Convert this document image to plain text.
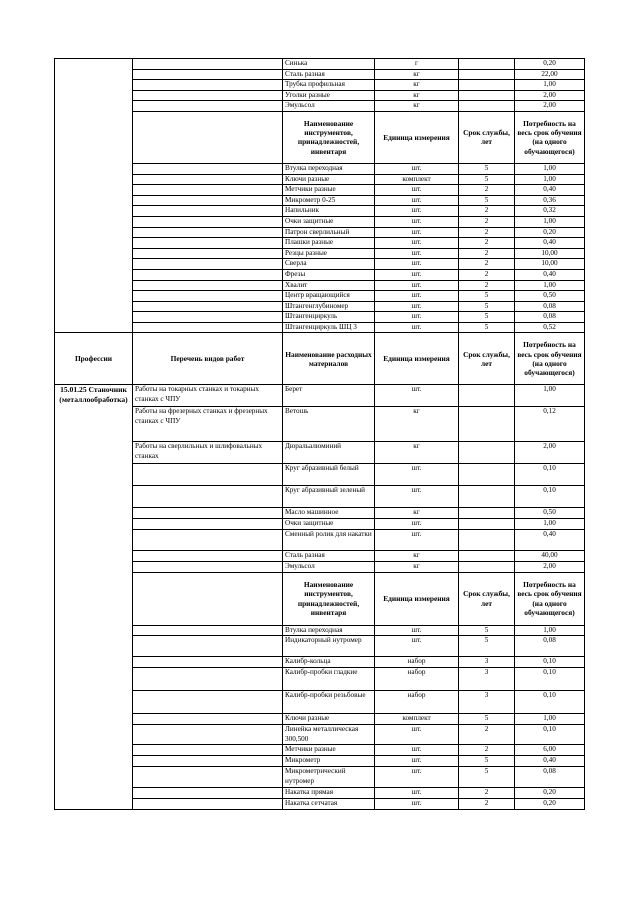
		Синька	г		0,20
		Сталь разная	кг		22,00
		Трубка профильная	кг		1,00
		Уголки разные	кг		2,00
		Эмульсол	кг		2,00
		Наименование инструментов, принадлежностей, инвентаря	Единица измерения	Срок службы, лет	Потребность на весь срок обучения (на одного обучающегося)
		Втулка переходная	шт.	5	1,00
		Ключи разные	комплект	5	1,00
		Метчики разные	шт.	2	0,40
		Микрометр 0-25	шт.	5	0,36
		Напильник	шт.	2	0,32
		Очки защитные	шт.	2	1,00
		Патрон сверлильный	шт.	2	0,20
		Плашки разные	шт.	2	0,40
		Резцы разные	шт.	2	10,00
		Сверла	шт.	2	10,00
		Фрезы	шт.	2	0,40
		Хвалит	шт.	2	1,00
		Центр вращающийся	шт.	5	0,50
		Штангенглубиномер	шт.	5	0,08
		Штангенциркуль	шт.	5	0,08
		Штангенциркуль ШЦ 3	шт.	5	0,52
Профессии	Перечень видов работ	Наименование расходных материалов	Единица измерения	Срок службы, лет	Потребность на весь срок обучения (на одного обучающегося)
15.01.25 Станочник (металлообработка)	Работы на токарных станках и токарных станках с ЧПУ	Берет	шт.		1,00
	Работы на фрезерных станках и фрезерных станках с ЧПУ	Ветошь	кг		0,12
	Работы на сверлильных и шлифовальных станках	Дюральалюминий	кг		2,00
		Круг абразивный белый	шт.		0,10
		Круг абразивный зеленый	шт.		0,10
		Масло машинное	кг		0,50
		Очки защитные	шт.		1,00
		Сменный ролик для накатки	шт.		0,40
		Сталь разная	кг		40,00
		Эмульсол	кг		2,00
		Наименование инструментов, принадлежностей, инвентаря	Единица измерения	Срок службы, лет	Потребность на весь срок обучения (на одного обучающегося)
		Втулка переходная	шт.	5	1,00
		Индикаторный нутромер	шт.	5	0,08
		Калибр-кольца	набор	3	0,10
		Калибр-пробки гладкие	набор	3	0,10
		Калибр-пробки резьбовые	набор	3	0,10
		Ключи разные	комплект	5	1,00
		Линейка металлическая 300,500	шт.	2	0,10
		Метчики разные	шт.	2	6,00
		Микрометр	шт.	5	0,40
		Микрометрический нутромер	шт.	5	0,08
		Накатка прямая	шт.	2	0,20
		Накатка сетчатая	шт.	2	0,20
